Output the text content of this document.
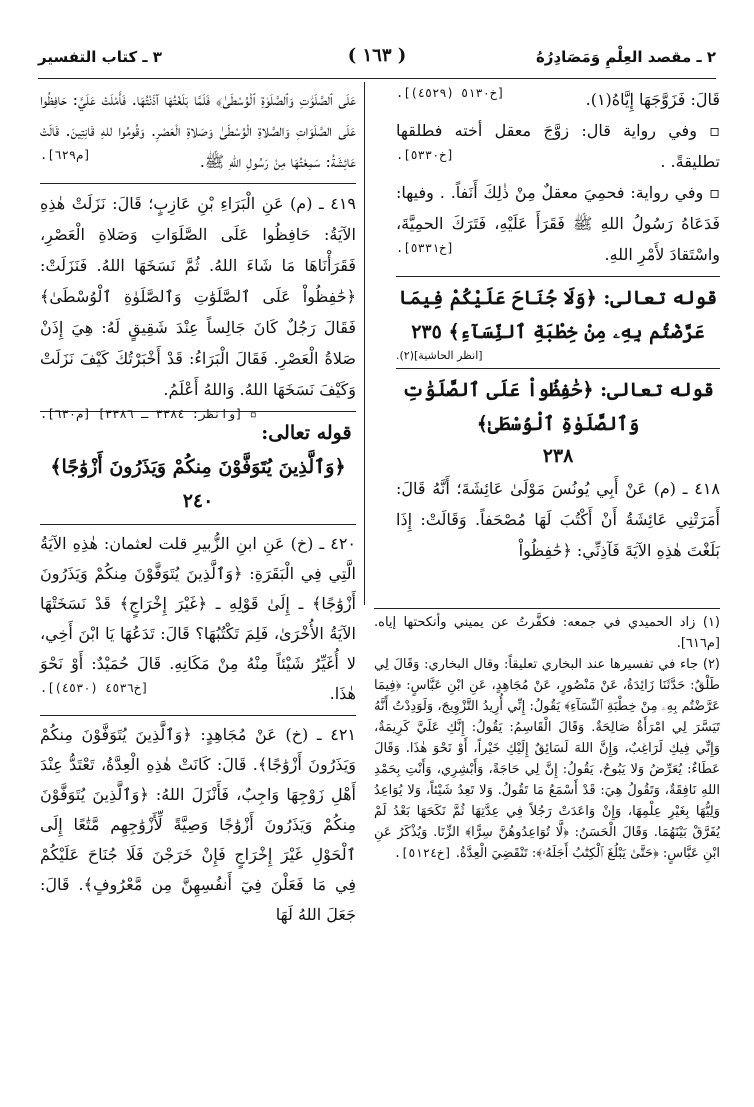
٢ ـ مقصد العِلْمِ وَمَصَادِرُهُ
( ١٦٣ )
٣ ـ كتاب التفسير

قَالَ: فَزَوَّجَهَا إِيَّاهُ(١).
[خ٥١٣٠ (٤٥٢٩)].

▫ وفي رواية قال: زوَّجَ معقل أخته فطلقها تطليقةً. .
[خ٥٣٣٠].

▫ وفي رواية: فحمِيَ معقلٌ مِنْ ذٰلِكَ أَنَفاً. . وفيها: فَدَعَاهُ رَسُولُ اللهِ ﷺ فَقَرَأَ عَلَيْهِ، فَتَرَكَ الحمِيَّةَ، واسْتَقادَ لأَمْرِ اللهِ.
[خ٥٣٣١].

قوله تعالى: ﴿وَلَا جُنَاحَ عَلَيْكُمْ فِيمَا عَرَّضْتُم بِهِۦ مِنْ خِطْبَةِ ٱلنِّسَآءِ﴾ ٢٣٥

[انظر الحاشية](٢).

قوله تعالى: ﴿حَٰفِظُواْ عَلَى ٱلصَّلَوَٰتِ وَٱلصَّلَوٰةِ ٱلْوُسْطَىٰ﴾

٢٣٨

٤١٨ ـ (م) عَنْ أَبِي يُونُسَ مَوْلَىٰ عَائِشَةَ؛ أَنَّهُ قَالَ: أَمَرَتْنِي عَائِشَةُ أَنْ أَكْتُبَ لَهَا مُصْحَفاً. وَقَالَتْ: إِذَا بَلَغْتَ هٰذِهِ الآيَةَ فَآذِنِّي: ﴿حَٰفِظُواْ

عَلَى ٱلصَّلَوَٰتِ وَٱلصَّلَوٰةِ ٱلْوُسْطَىٰ﴾ فَلَمَّا بَلَغْتُهَا آذَنْتُهَا. فَأَمْلَتْ عَلَيَّ: حَافِظُوا عَلَى الصَّلَوَاتِ وَالصَّلاةِ الْوُسْطَىٰ وَصَلاةِ الْعَصْرِ. وَقُومُوا للهِ قَانِتِينَ. قَالَتْ عَائِشَةُ: سَمِعْتُهَا مِنْ رَسُولِ اللهِ ﷺ.
[م٦٢٩].

٤١٩ ـ (م) عَنِ الْبَرَاءِ بْنِ عَازِبٍ؛ قَالَ: نَزَلَتْ هٰذِهِ الآيَةُ: حَافِظُوا عَلَى الصَّلَوَاتِ وَصَلاةِ الْعَصْرِ، فَقَرَأْنَاهَا مَا شَاءَ اللهُ. ثُمَّ نَسَخَهَا اللهُ. فَنَزَلَتْ: ﴿حَٰفِظُواْ عَلَى ٱلصَّلَوَٰتِ وَٱلصَّلَوٰةِ ٱلْوُسْطَىٰ﴾ فَقَالَ رَجُلٌ كَانَ جَالِساً عِنْدَ شَقِيقٍ لَهُ: هِيَ إِذَنْ صَلاةُ الْعَصْرِ. فَقَالَ الْبَرَاءُ: قَدْ أَخْبَرْتُكَ كَيْفَ نَزَلَتْ وَكَيْفَ نَسَخَهَا اللهُ. وَاللهُ أَعْلَمُ.
▫ [وانظر: ٣٣٨٤ ـ ٣٣٨٦] [م٦٣٠].

قوله تعالى: ﴿وَٱلَّذِينَ يُتَوَفَّوْنَ مِنكُمْ وَيَذَرُونَ أَزْوَٰجًا﴾ ٢٤٠

٤٢٠ ـ (خ) عَنِ ابنِ الزُّبيرِ قلت لعثمان: هٰذِهِ الآيَةُ الَّتِي فِي الْبَقَرَةِ: ﴿وَٱلَّذِينَ يُتَوَفَّوْنَ مِنكُمْ وَيَذَرُونَ أَزْوَٰجًا﴾ ـ إِلَىٰ قَوْلِهِ ـ ﴿غَيْرَ إِخْرَاجٍ﴾ قَدْ نَسَخَتْهَا الآيَةُ الأُخْرَىٰ، فَلِمَ تَكْتُبُهَا؟ قَالَ: تَدَعُهَا يَا ابْنَ أَخِي، لا أُغَيِّرُ شَيْئاً مِنْهُ مِنْ مَكَانِهِ. قَالَ حُمَيْدٌ: أَوْ نَحْوَ هٰذَا.
[خ٤٥٣٦ (٤٥٣٠)].

٤٢١ ـ (خ) عَنْ مُجَاهِدٍ: ﴿وَٱلَّذِينَ يُتَوَفَّوْنَ مِنكُمْ وَيَذَرُونَ أَزْوَٰجًا﴾. قَالَ: كَانَتْ هٰذِهِ الْعِدَّةُ، تَعْتَدُّ عِنْدَ أَهْلِ زَوْجِهَا وَاجِبٌ، فَأَنْزَلَ اللهُ: ﴿وَٱلَّذِينَ يُتَوَفَّوْنَ مِنكُمْ وَيَذَرُونَ أَزْوَٰجًا وَصِيَّةً لِّأَزْوَٰجِهِم مَّتَٰعًا إِلَى ٱلْحَوْلِ غَيْرَ إِخْرَاجٍ فَإِنْ خَرَجْنَ فَلَا جُنَاحَ عَلَيْكُمْ فِي مَا فَعَلْنَ فِيٓ أَنفُسِهِنَّ مِن مَّعْرُوفٍ﴾. قَالَ: جَعَلَ اللهُ لَهَا

(١) زاد الحميدي في جمعه: فكفَّرتُ عن يميني وأنكحتها إياه. [م٦١٦].

(٢) جاء في تفسيرها عند البخاري تعليقاً: وقال البخاري: وَقَالَ لِي طَلْقٌ: حَدَّثَنَا زَائِدَةُ، عَنْ مَنْصُورٍ، عَنْ مُجَاهِدٍ، عَنِ ابْنِ عَبَّاسٍ: ﴿فِيمَا عَرَّضْتُم بِهِۦ مِنْ خِطْبَةِ ٱلنِّسَآءِ﴾ يَقُولُ: إِنِّي أُرِيدُ التَّزْوِيجَ، وَلَوَدِدْتُ أَنَّهُ تَيَسَّرَ لِي امْرَأَةٌ صَالِحَةٌ. وَقَالَ الْقَاسِمُ: يَقُولُ: إِنَّكِ عَلَيَّ كَرِيمَةٌ، وَإِنِّي فِيكِ لَرَاغِبٌ، وَإِنَّ اللهَ لَسَائِقٌ إِلَيْكِ خَيْراً، أَوْ نَحْوَ هٰذَا. وَقَالَ عَطَاءٌ: يُعَرِّضُ وَلا يَبُوحُ، يَقُولُ: إِنَّ لِي حَاجَةً، وَأَبْشِرِي، وَأَنْتِ بِحَمْدِ اللهِ نَافِقَةٌ، وَتَقُولُ هِيَ: قَدْ أَسْمَعُ مَا تَقُولُ. وَلا تَعِدُ شَيْئاً، وَلا يُوَاعِدُ وَلِيُّهَا بِغَيْرِ عِلْمِهَا، وَإِنْ وَاعَدَتْ رَجُلاً فِي عِدَّتِهَا ثُمَّ نَكَحَهَا بَعْدُ لَمْ يُفَرَّقْ بَيْنَهُمَا. وَقَالَ الْحَسَنُ: ﴿لَّا تُوَاعِدُوهُنَّ سِرًّا﴾ الزِّنَا. وَيُذْكَرُ عَنِ ابْنِ عَبَّاسٍ: ﴿حَتَّىٰ يَبْلُغَ ٱلْكِتَٰبُ أَجَلَهُۥ﴾: تَنْقَضِيَ الْعِدَّةُ. [خ٥١٢٤].
